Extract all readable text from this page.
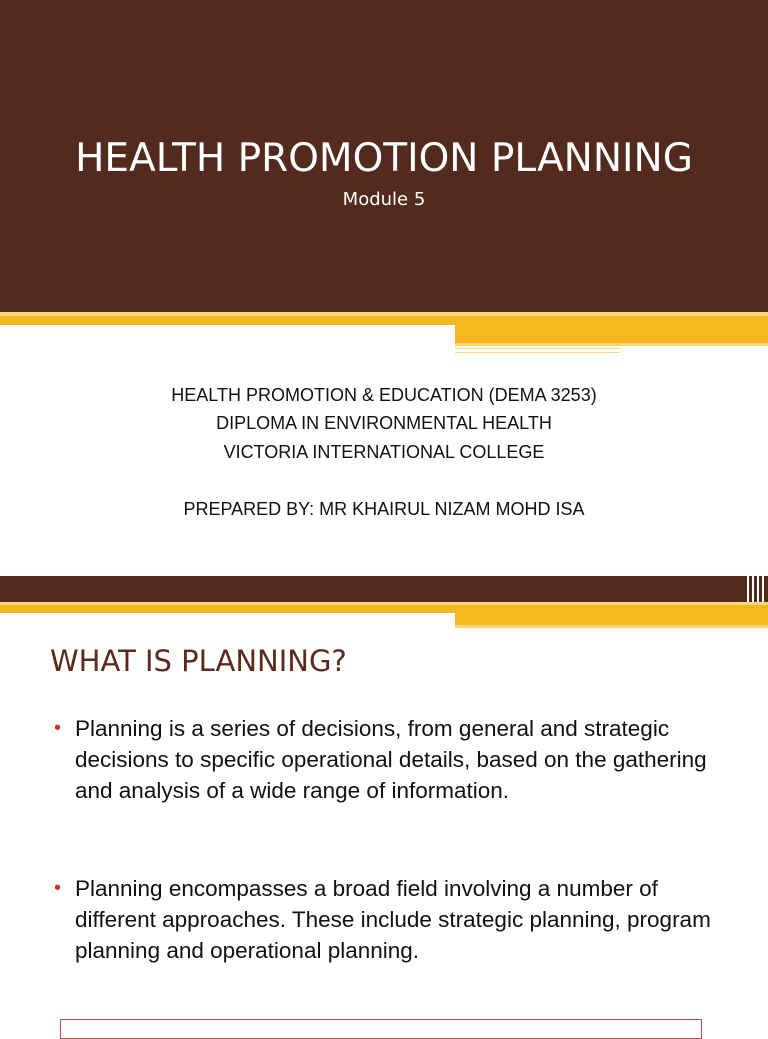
HEALTH PROMOTION PLANNING
Module 5
HEALTH PROMOTION & EDUCATION (DEMA 3253)
DIPLOMA IN ENVIRONMENTAL HEALTH
VICTORIA INTERNATIONAL COLLEGE
PREPARED BY: MR KHAIRUL NIZAM MOHD ISA
WHAT IS PLANNING?
• Planning is a series of decisions, from general and strategic decisions to specific operational details, based on the gathering and analysis of a wide range of information.
• Planning encompasses a broad field involving a number of different approaches. These include strategic planning, program planning and operational planning.
